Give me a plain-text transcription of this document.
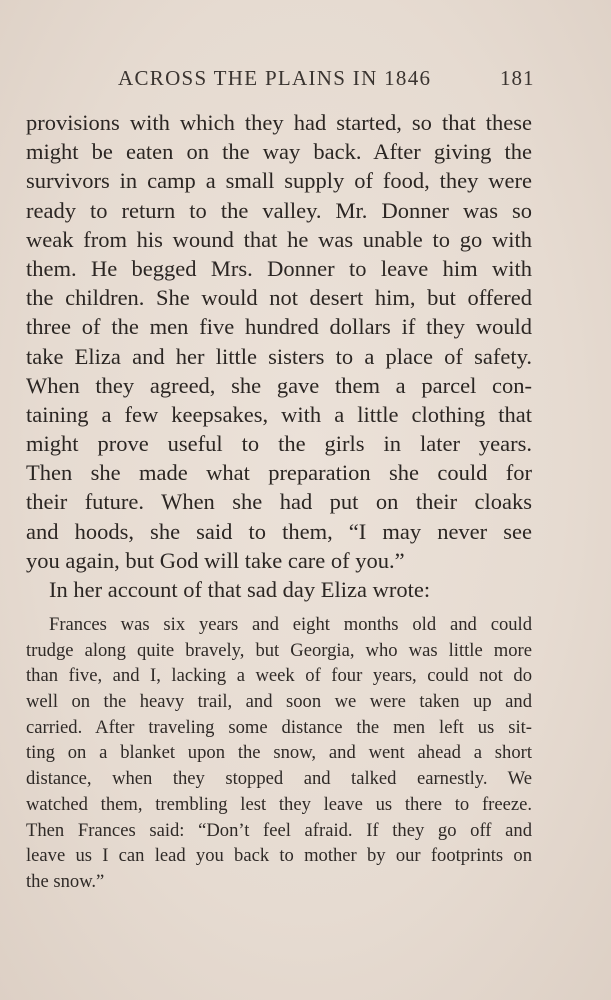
ACROSS THE PLAINS IN 1846	181
provisions with which they had started, so that these
might be eaten on the way back. After giving the
survivors in camp a small supply of food, they were
ready to return to the valley. Mr. Donner was so
weak from his wound that he was unable to go with
them. He begged Mrs. Donner to leave him with
the children. She would not desert him, but offered
three of the men five hundred dollars if they would
take Eliza and her little sisters to a place of safety.
When they agreed, she gave them a parcel con-
taining a few keepsakes, with a little clothing that
might prove useful to the girls in later years.
Then she made what preparation she could for
their future. When she had put on their cloaks
and hoods, she said to them, “I may never see
you again, but God will take care of you.”
In her account of that sad day Eliza wrote:
Frances was six years and eight months old and could
trudge along quite bravely, but Georgia, who was little more
than five, and I, lacking a week of four years, could not do
well on the heavy trail, and soon we were taken up and
carried. After traveling some distance the men left us sit-
ting on a blanket upon the snow, and went ahead a short
distance, when they stopped and talked earnestly. We
watched them, trembling lest they leave us there to freeze.
Then Frances said: “Don’t feel afraid. If they go off and
leave us I can lead you back to mother by our footprints on
the snow.”
